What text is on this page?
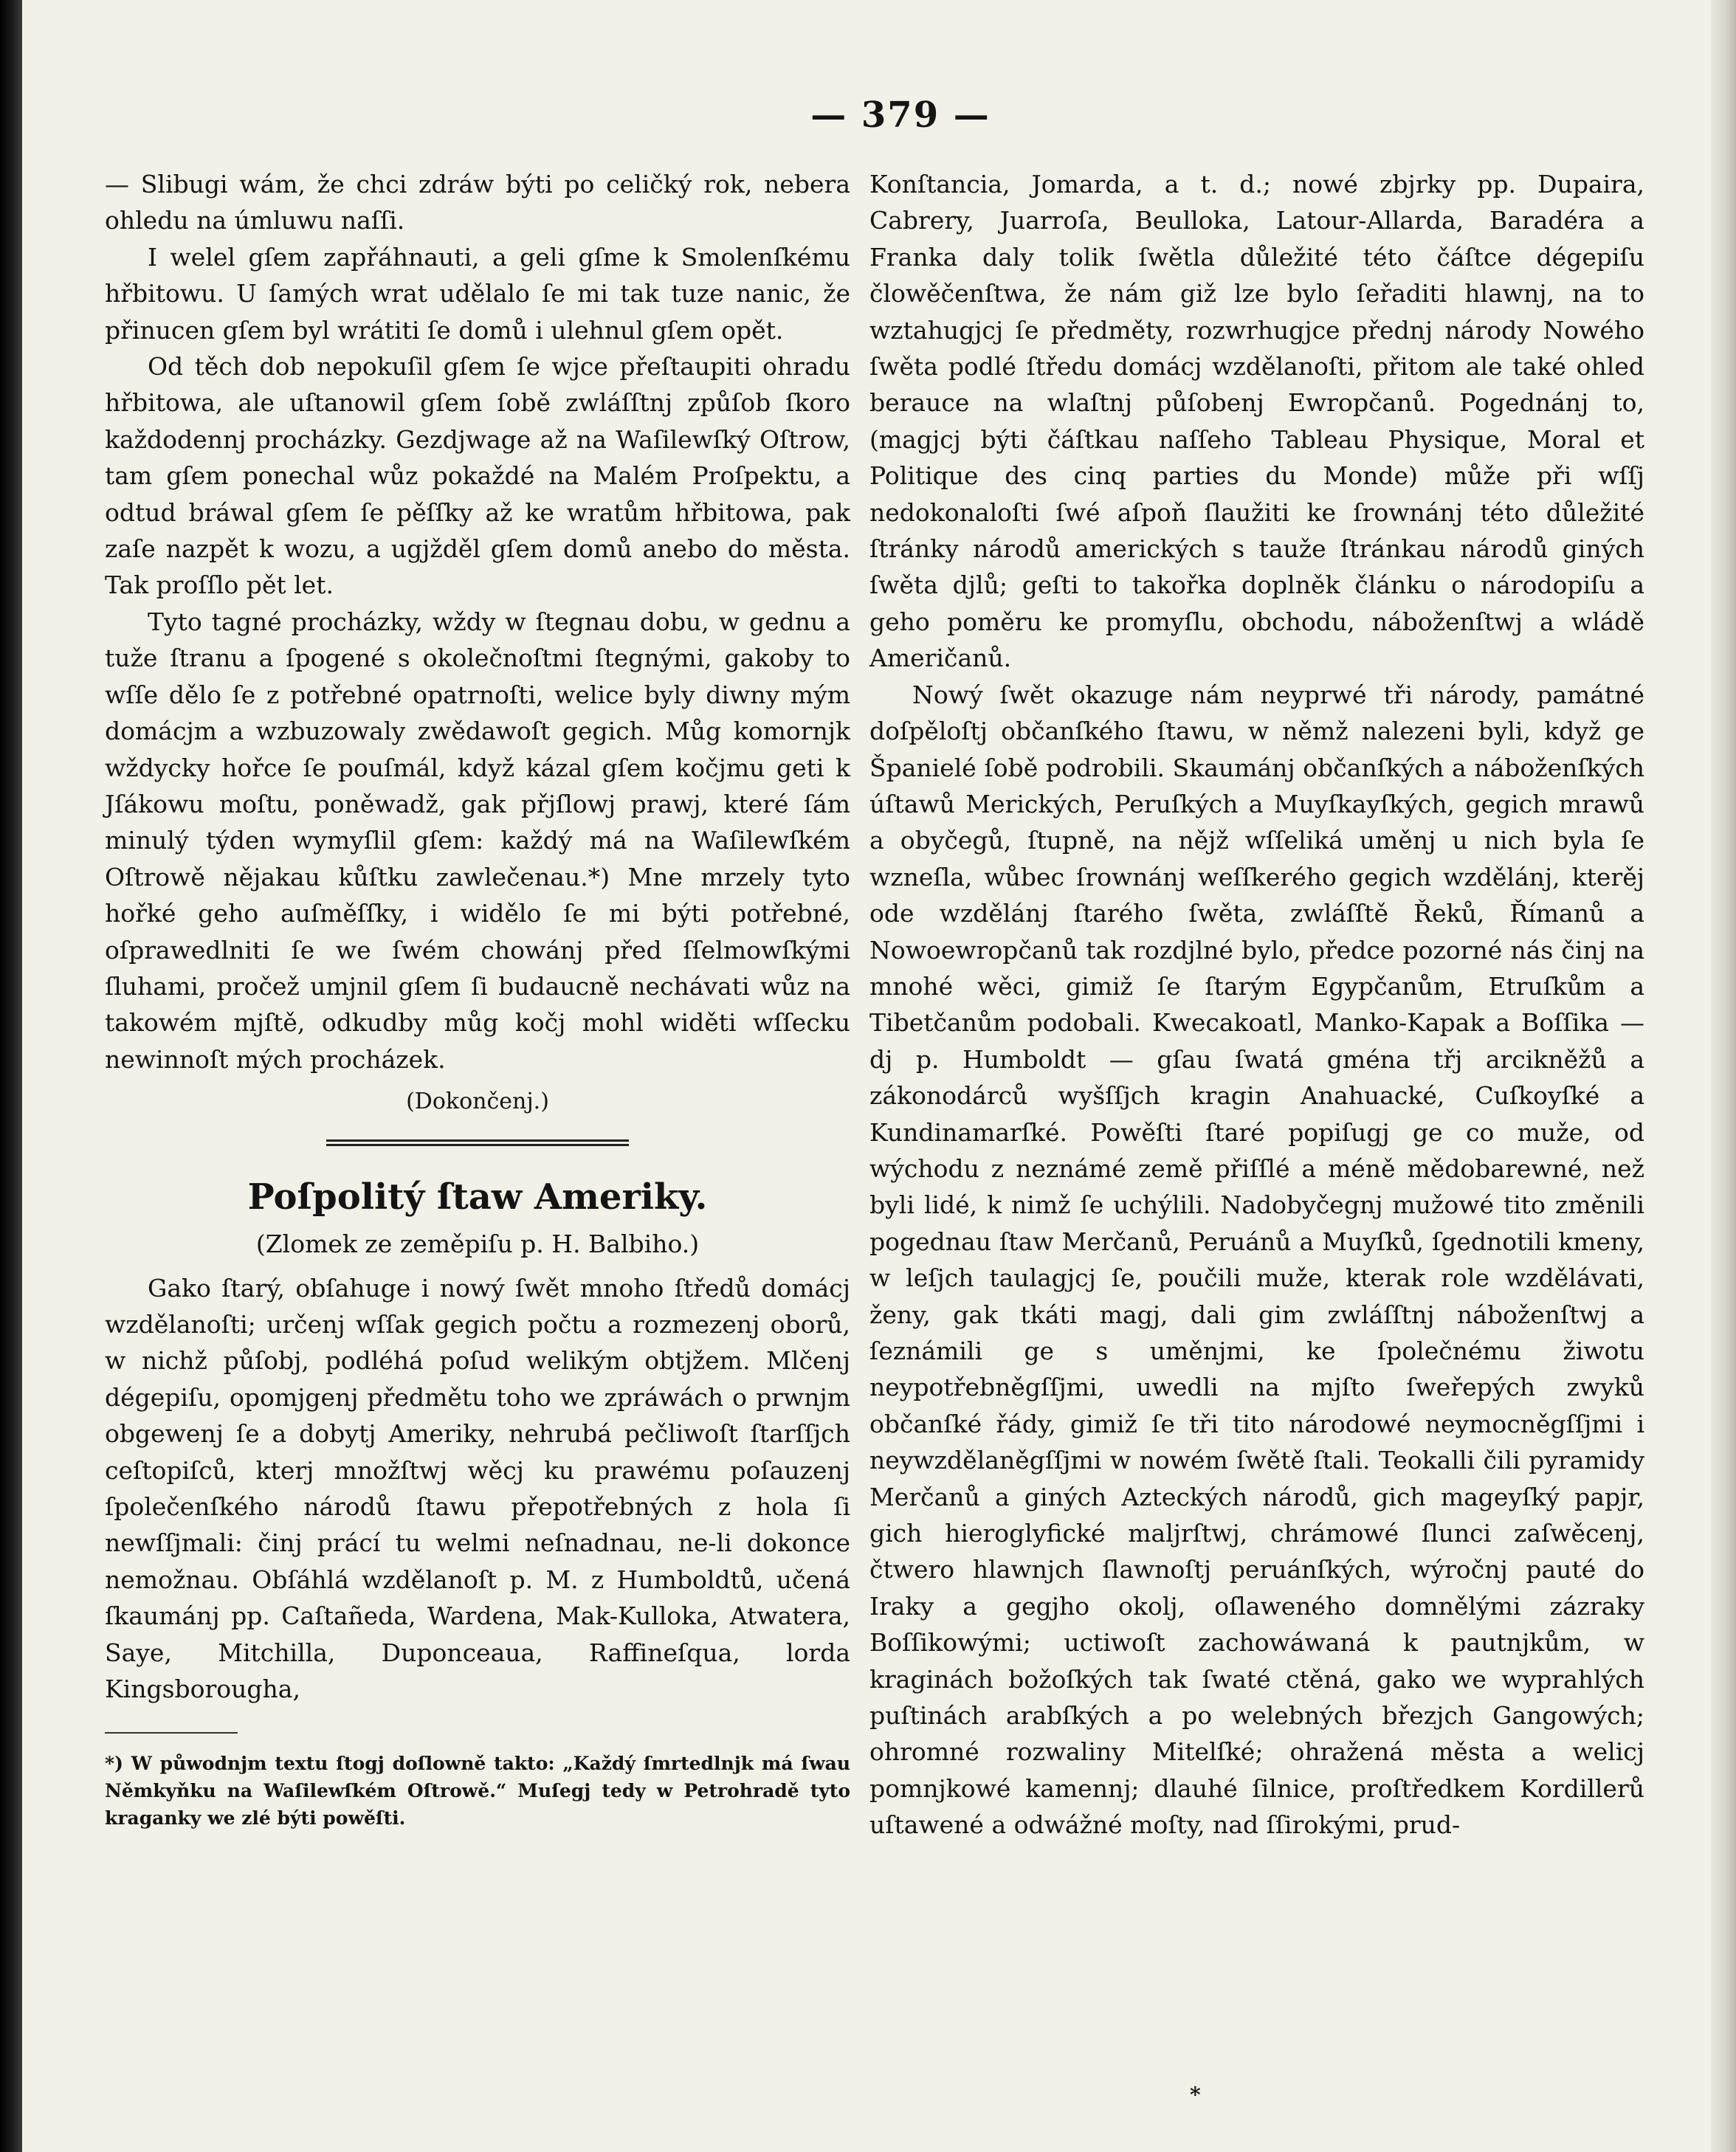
— 379 —

— Slibugi wám, že chci zdráw býti po celičký rok, nebera ohledu na úmluwu naſſi.

I welel gſem zapřáhnauti, a geli gſme k Smolenſkému hřbitowu. U ſamých wrat udělalo ſe mi tak tuze nanic, že přinucen gſem byl wrátiti ſe domů i ulehnul gſem opět.

Od těch dob nepokuſil gſem ſe wjce přeſtaupiti ohradu hřbitowa, ale uſtanowil gſem ſobě zwláſſtnj způſob ſkoro každodennj procházky. Gezdjwage až na Waſilewſký Oſtrow, tam gſem ponechal wůz pokaždé na Malém Proſpektu, a odtud bráwal gſem ſe pěſſky až ke wratům hřbitowa, pak zaſe nazpět k wozu, a ugjžděl gſem domů anebo do města. Tak proſſlo pět let.

Tyto tagné procházky, wždy w ſtegnau dobu, w gednu a tuže ſtranu a ſpogené s okolečnoſtmi ſtegnými, gakoby to wſſe dělo ſe z potřebné opatrnoſti, welice byly diwny mým domácjm a wzbuzowaly zwědawoſt gegich. Můg komornjk wždycky hořce ſe pouſmál, když kázal gſem kočjmu geti k Jſákowu moſtu, poněwadž, gak přjſlowj prawj, které ſám minulý týden wymyſlil gſem: každý má na Waſilewſkém Oſtrowě nějakau kůſtku zawlečenau.*) Mne mrzely tyto hořké geho auſměſſky, i widělo ſe mi býti potřebné, oſprawedlniti ſe we ſwém chowánj před ſſelmowſkými ſluhami, pročež umjnil gſem ſi budaucně nechávati wůz na takowém mjſtě, odkudby můg kočj mohl widěti wſſecku newinnoſt mých procházek.

(Dokončenj.)

Poſpolitý ſtaw Ameriky.
(Zlomek ze zeměpiſu p. H. Balbiho.)

Gako ſtarý, obſahuge i nowý ſwět mnoho ſtředů domácj wzdělanoſti; určenj wſſak gegich počtu a rozmezenj oborů, w nichž půſobj, podléhá poſud welikým obtjžem. Mlčenj dégepiſu, opomjgenj předmětu toho we zpráwách o prwnjm obgewenj ſe a dobytj Ameriky, nehrubá pečliwoſt ſtarſſjch ceſtopiſců, kterj množſtwj wěcj ku prawému poſauzenj ſpolečenſkého národů ſtawu přepotřebných z hola ſi newſſjmali: činj prácí tu welmi neſnadnau, ne-li dokonce nemožnau. Obſáhlá wzdělanoſt p. M. z Humboldtů, učená ſkaumánj pp. Caſtañeda, Wardena, Mak-Kulloka, Atwatera, Saye, Mitchilla, Duponceaua, Raffineſqua, lorda Kingsborougha,

*) W půwodnjm textu ſtogj doſlowně takto: „Každý ſmrtedlnjk má ſwau Němkyňku na Waſilewſkém Oſtrowě.“ Muſegj tedy w Petrohradě tyto kraganky we zlé býti powěſti.

Konſtancia, Jomarda, a t. d.; nowé zbjrky pp. Dupaira, Cabrery, Juarroſa, Beulloka, Latour-Allarda, Baradéra a Franka daly tolik ſwětla důležité této čáſtce dégepiſu člowěčenſtwa, že nám giž lze bylo ſeřaditi hlawnj, na to wztahugjcj ſe předměty, rozwrhugjce přednj národy Nowého ſwěta podlé ſtředu domácj wzdělanoſti, přitom ale také ohled berauce na wlaſtnj půſobenj Ewropčanů. Pogednánj to, (magjcj býti čáſtkau naſſeho Tableau Physique, Moral et Politique des cinq parties du Monde) může při wſſj nedokonaloſti ſwé aſpoň ſlaužiti ke ſrownánj této důležité ſtránky národů amerických s tauže ſtránkau národů giných ſwěta djlů; geſti to takořka doplněk článku o národopiſu a geho poměru ke promyſlu, obchodu, náboženſtwj a wládě Američanů.

Nowý ſwět okazuge nám neyprwé tři národy, památné doſpělоſtj občanſkého ſtawu, w němž nalezeni byli, když ge Španielé ſobě podrobili. Skaumánj občanſkých a náboženſkých úſtawů Merických, Peruſkých a Muyſkayſkých, gegich mrawů a obyčegů, ſtupně, na nějž wſſeliká uměnj u nich byla ſe wzneſla, wůbec ſrownánj weſſkerého gegich wzdělánj, kterěj ode wzdělánj ſtarého ſwěta, zwláſſtě Řeků, Římanů a Nowoewropčanů tak rozdjlné bylo, předce pozorné nás činj na mnohé wěci, gimiž ſe ſtarým Egypčanům, Etruſkům a Tibetčanům podobali. Kwecakoatl, Manko-Kapak a Boſſika — dj p. Humboldt — gſau ſwatá gména třj arcikněžů a zákonodárců wyšſſjch kragin Anahuacké, Cuſkoyſké a Kundinamarſké. Powěſti ſtaré popiſugj ge co muže, od wýchodu z neznámé země přiſſlé a méně mědobarewné, než byli lidé, k nimž ſe uchýlili. Nadobyčegnj mužowé tito změnili pogednau ſtaw Merčanů, Peruánů a Muyſků, ſgednotili kmeny, w leſjch taulagjcj ſe, poučili muže, kterak role wzdělávati, ženy, gak tkáti magj, dali gim zwláſſtnj náboženſtwj a ſeznámili ge s uměnjmi, ke ſpolečnému žiwotu neypotřebněgſſjmi, uwedli na mjſto ſweřepých zwyků občanſké řády, gimiž ſe tři tito národowé neymocněgſſjmi i neywzdělaněgſſjmi w nowém ſwětě ſtali. Teokalli čili pyramidy Merčanů a giných Azteckých národů, gich mageyſký papjr, gich hieroglyfické maljrſtwj, chrámowé ſlunci zaſwěcenj, čtwero hlawnjch ſlawnoſtj peruánſkých, wýročnj pauté do Iraky a gegjho okolj, oſlaweného domnělými zázraky Boſſikowými; uctiwoſt zachowáwaná k pautnjkům, w kraginách božoſkých tak ſwaté ctěná, gako we wyprahlých puſtinách arabſkých a po welebných březjch Gangowých; ohromné rozwaliny Mitelſké; ohražená města a welicj pomnjkowé kamennj; dlauhé ſilnice, proſtředkem Kordillerů uſtawené a odwážné moſty, nad ſſirokými, prud-

*
